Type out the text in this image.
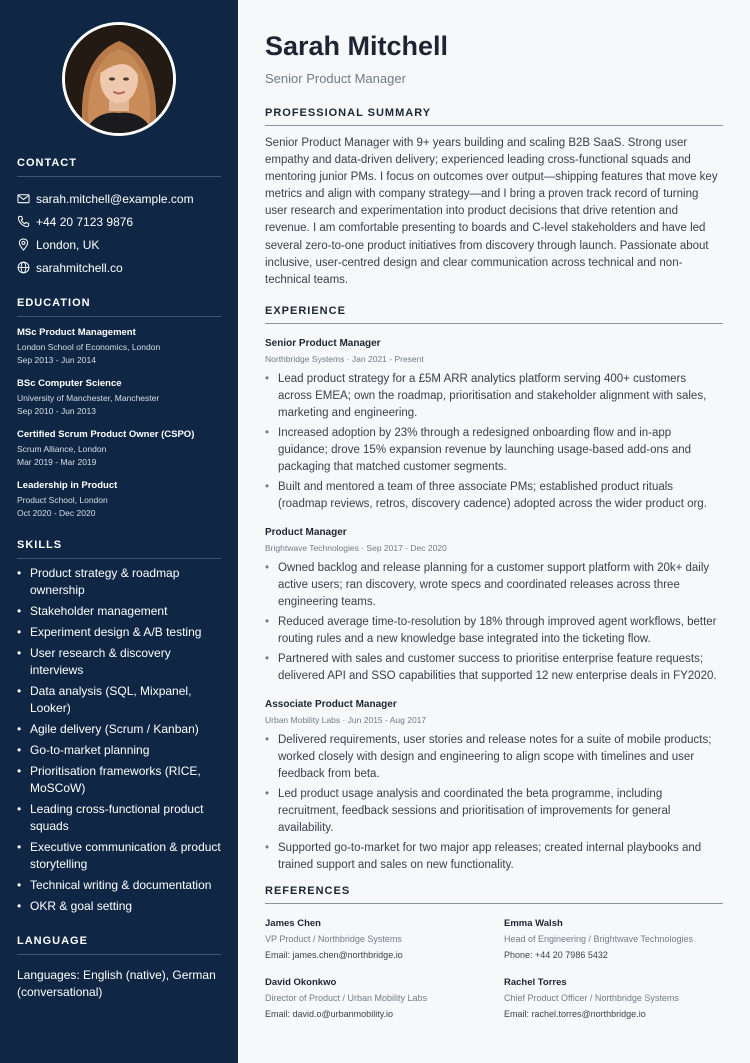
CONTACT
sarah.mitchell@example.com
+44 20 7123 9876
London, UK
sarahmitchell.co
EDUCATION
MSc Product Management
London School of Economics, London
Sep 2013 - Jun 2014
BSc Computer Science
University of Manchester, Manchester
Sep 2010 - Jun 2013
Certified Scrum Product Owner (CSPO)
Scrum Alliance, London
Mar 2019 - Mar 2019
Leadership in Product
Product School, London
Oct 2020 - Dec 2020
SKILLS
• Product strategy & roadmap ownership
• Stakeholder management
• Experiment design & A/B testing
• User research & discovery interviews
• Data analysis (SQL, Mixpanel, Looker)
• Agile delivery (Scrum / Kanban)
• Go-to-market planning
• Prioritisation frameworks (RICE, MoSCoW)
• Leading cross-functional product squads
• Executive communication & product storytelling
• Technical writing & documentation
• OKR & goal setting
LANGUAGE
Languages: English (native), German (conversational)
Sarah Mitchell
Senior Product Manager
PROFESSIONAL SUMMARY

Senior Product Manager with 9+ years building and scaling B2B SaaS. Strong user empathy and data-driven delivery; experienced leading cross-functional squads and mentoring junior PMs. I focus on outcomes over output—shipping features that move key metrics and align with company strategy—and I bring a proven track record of turning user research and experimentation into product decisions that drive retention and revenue. I am comfortable presenting to boards and C-level stakeholders and have led several zero-to-one product initiatives from discovery through launch. Passionate about inclusive, user-centred design and clear communication across technical and non-technical teams.

EXPERIENCE
Senior Product Manager
Northbridge Systems · Jan 2021 - Present
• Lead product strategy for a £5M ARR analytics platform serving 400+ customers across EMEA; own the roadmap, prioritisation and stakeholder alignment with sales, marketing and engineering.
• Increased adoption by 23% through a redesigned onboarding flow and in-app guidance; drove 15% expansion revenue by launching usage-based add-ons and packaging that matched customer segments.
• Built and mentored a team of three associate PMs; established product rituals (roadmap reviews, retros, discovery cadence) adopted across the wider product org.
Product Manager
Brightwave Technologies · Sep 2017 - Dec 2020
• Owned backlog and release planning for a customer support platform with 20k+ daily active users; ran discovery, wrote specs and coordinated releases across three engineering teams.
• Reduced average time-to-resolution by 18% through improved agent workflows, better routing rules and a new knowledge base integrated into the ticketing flow.
• Partnered with sales and customer success to prioritise enterprise feature requests; delivered API and SSO capabilities that supported 12 new enterprise deals in FY2020.
Associate Product Manager
Urban Mobility Labs · Jun 2015 - Aug 2017
• Delivered requirements, user stories and release notes for a suite of mobile products; worked closely with design and engineering to align scope with timelines and user feedback from beta.
• Led product usage analysis and coordinated the beta programme, including recruitment, feedback sessions and prioritisation of improvements for general availability.
• Supported go-to-market for two major app releases; created internal playbooks and trained support and sales on new functionality.
REFERENCES
James Chen
VP Product / Northbridge Systems
Email: james.chen@northbridge.io
Emma Walsh
Head of Engineering / Brightwave Technologies
Phone: +44 20 7986 5432
David Okonkwo
Director of Product / Urban Mobility Labs
Email: david.o@urbanmobility.io
Rachel Torres
Chief Product Officer / Northbridge Systems
Email: rachel.torres@northbridge.io
